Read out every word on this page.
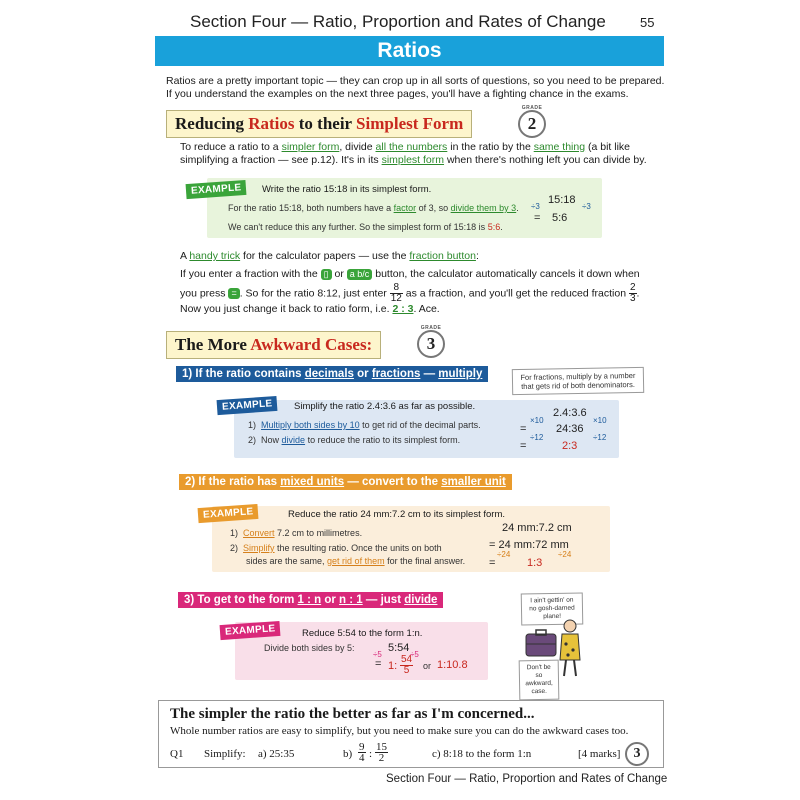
Section Four — Ratio, Proportion and Rates of Change	55
Ratios
Ratios are a pretty important topic — they can crop up in all sorts of questions, so you need to be prepared. If you understand the examples on the next three pages, you'll have a fighting chance in the exams.
Reducing Ratios to their Simplest Form
GRADE
2
To reduce a ratio to a simpler form, divide all the numbers in the ratio by the same thing (a bit like simplifying a fraction — see p.12). It's in its simplest form when there's nothing left you can divide by.
EXAMPLE	Write the ratio 15:18 in its simplest form.
For the ratio 15:18, both numbers have a factor of 3, so divide them by 3.
We can't reduce this any further. So the simplest form of 15:18 is 5:6.
15:18
= 5:6
÷3	÷3
A handy trick for the calculator papers — use the fraction button:
If you enter a fraction with the ▯ or a b/c button, the calculator automatically cancels it down when
you press = . So for the ratio 8:12, just enter $\frac{8}{12}$ as a fraction, and you'll get the reduced fraction $\frac{2}{3}$ .
Now you just change it back to ratio form, i.e. 2 : 3. Ace.
The More Awkward Cases:
GRADE
3
1) If the ratio contains decimals or fractions — multiply	For fractions, multiply by a number that gets rid of both denominators.
EXAMPLE	Simplify the ratio 2.4:3.6 as far as possible.
1) Multiply both sides by 10 to get rid of the decimal parts.
2) Now divide to reduce the ratio to its simplest form.
2.4:3.6
=	24:36
=	2:3
×10	×10
÷12	÷12
2) If the ratio has mixed units — convert to the smaller unit
EXAMPLE	Reduce the ratio 24 mm:7.2 cm to its simplest form.
1) Convert 7.2 cm to millimetres.
2) Simplify the resulting ratio. Once the units on both
sides are the same, get rid of them for the final answer.
24 mm:7.2 cm
= 24 mm:72 mm
=	1:3
÷24	÷24
3) To get to the form 1 : n or n : 1 — just divide
EXAMPLE	Reduce 5:54 to the form 1:n.
Divide both sides by 5:	5:54
= 1: $\frac{54}{5}$ or 1:10.8
÷5	÷5
I ain't gettin' on no gosh-darned plane!
Don't be so awkward, case.
The simpler the ratio the better as far as I'm concerned...
Whole number ratios are easy to simplify, but you need to make sure you can do the awkward cases too.
Q1 Simplify: a) 25:35	$b) \frac{9}{4}$ : $\frac{15}{2}$	c) 8:18 to the form 1:n	[4 marks] 3
Section Four — Ratio, Proportion and Rates of Change
